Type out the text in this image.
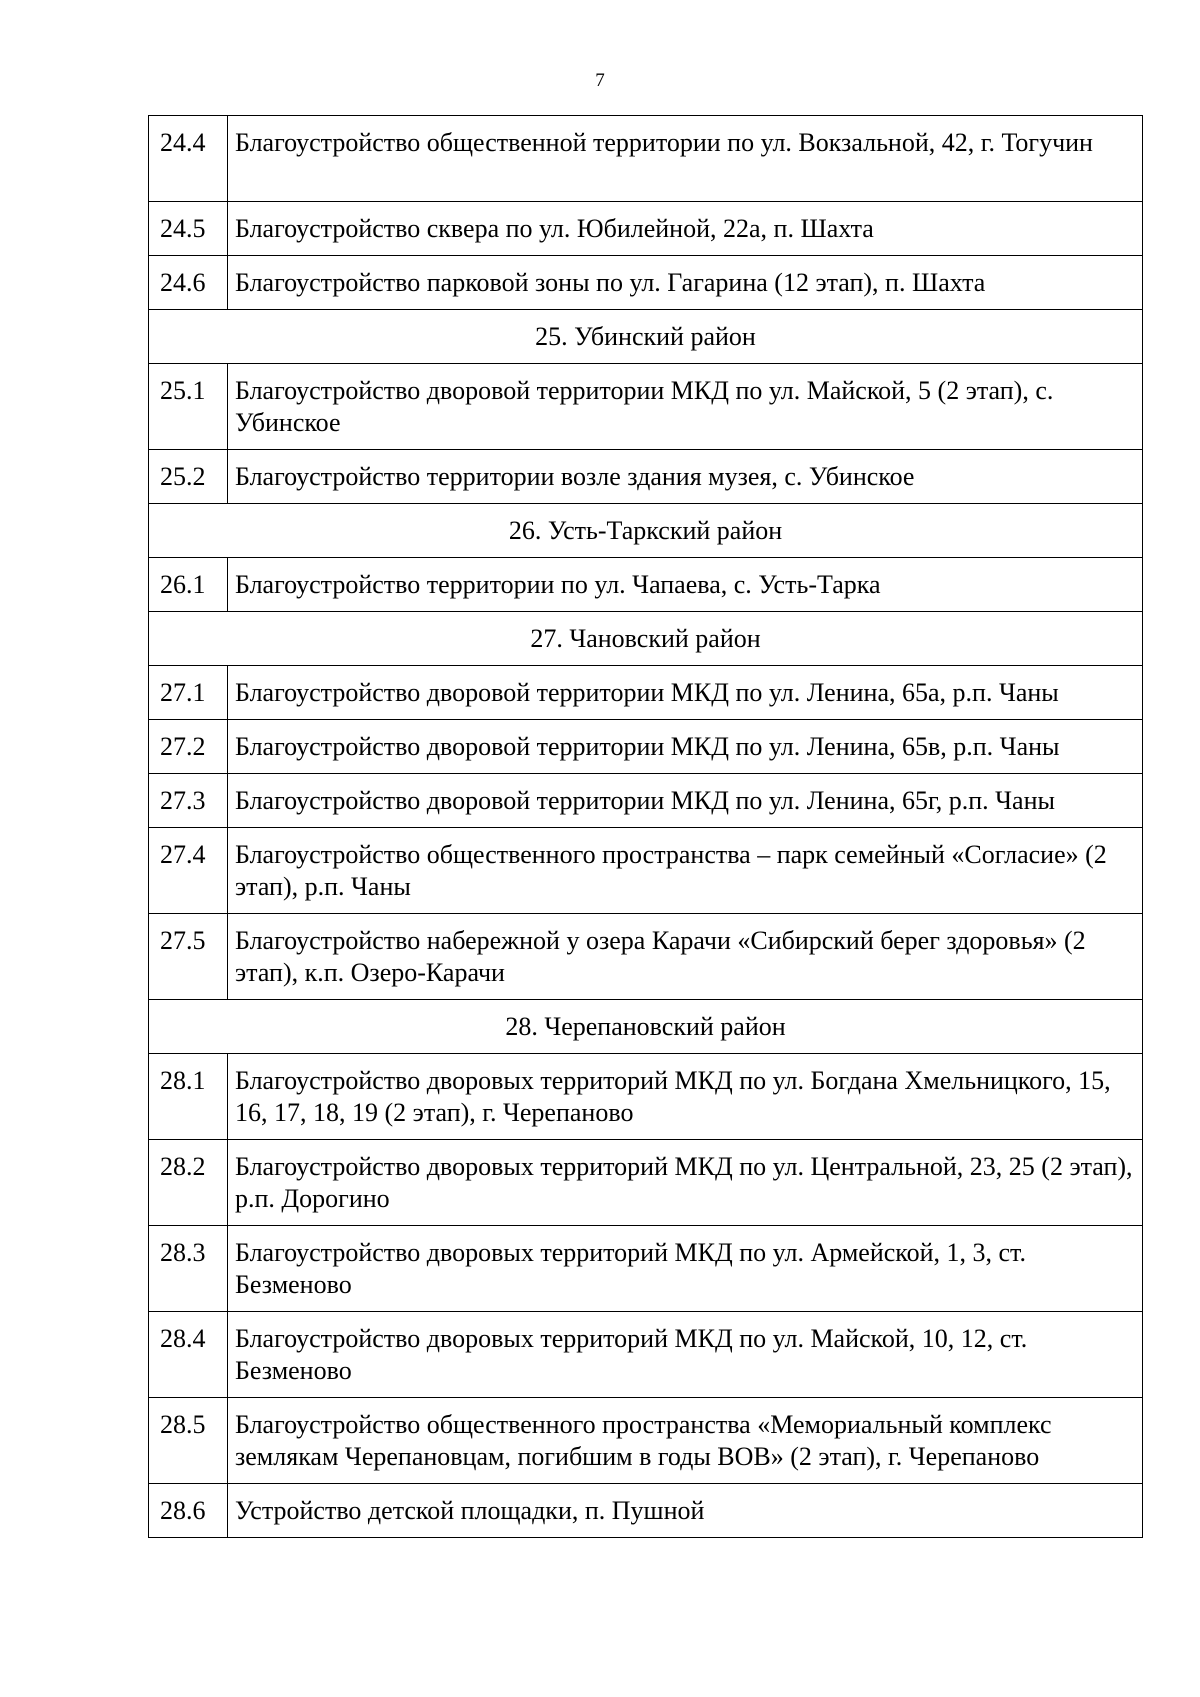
7
24.4	Благоустройство общественной территории по ул. Вокзальной, 42, г. Тогучин
24.5	Благоустройство сквера по ул. Юбилейной, 22а, п. Шахта
24.6	Благоустройство парковой зоны по ул. Гагарина (12 этап), п. Шахта
25. Убинский район	
25.1	Благоустройство дворовой территории МКД по ул. Майской, 5 (2 этап), с. Убинское
25.2	Благоустройство территории возле здания музея, с. Убинское
26. Усть-Таркский район	
26.1	Благоустройство территории по ул. Чапаева, с. Усть-Тарка
27. Чановский район	
27.1	Благоустройство дворовой территории МКД по ул. Ленина, 65а, р.п. Чаны
27.2	Благоустройство дворовой территории МКД по ул. Ленина, 65в, р.п. Чаны
27.3	Благоустройство дворовой территории МКД по ул. Ленина, 65г, р.п. Чаны
27.4	Благоустройство общественного пространства – парк семейный «Согласие» (2 этап), р.п. Чаны
27.5	Благоустройство набережной у озера Карачи «Сибирский берег здоровья» (2 этап), к.п. Озеро-Карачи
28. Черепановский район	
28.1	Благоустройство дворовых территорий МКД по ул. Богдана Хмельницкого, 15, 16, 17, 18, 19 (2 этап), г. Черепаново
28.2	Благоустройство дворовых территорий МКД по ул. Центральной, 23, 25 (2 этап), р.п. Дорогино
28.3	Благоустройство дворовых территорий МКД по ул. Армейской, 1, 3, ст. Безменово
28.4	Благоустройство дворовых территорий МКД по ул. Майской, 10, 12, ст. Безменово
28.5	Благоустройство общественного пространства «Мемориальный комплекс землякам Черепановцам, погибшим в годы ВОВ» (2 этап), г. Черепаново
28.6	Устройство детской площадки, п. Пушной
